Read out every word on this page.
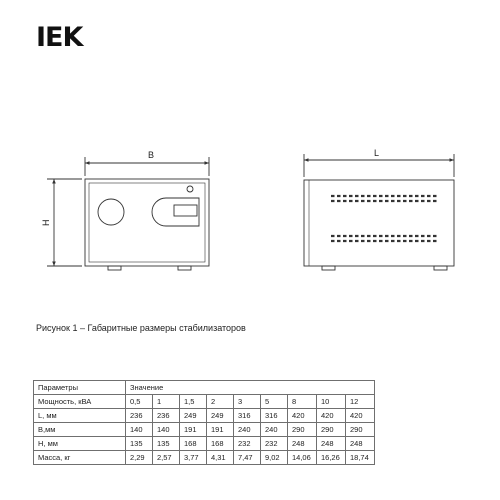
IEK
B
H
L
Рисунок 1 – Габаритные размеры стабилизаторов
Параметры	Значение								
Мощность, кВА	0,5	1	1,5	2	3	5	8	10	12
L, мм	236	236	249	249	316	316	420	420	420
B,мм	140	140	191	191	240	240	290	290	290
H, мм	135	135	168	168	232	232	248	248	248
Масса, кг	2,29	2,57	3,77	4,31	7,47	9,02	14,06	16,26	18,74
